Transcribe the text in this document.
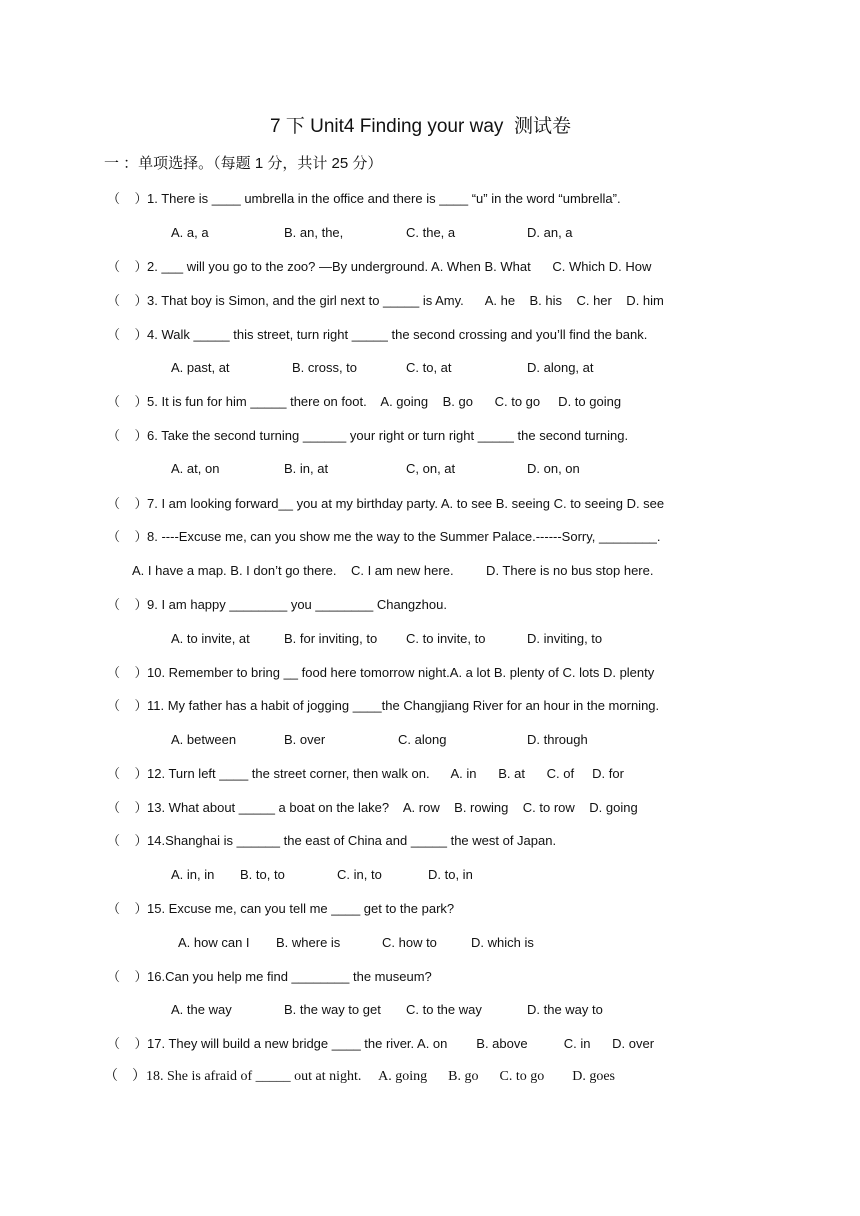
7 下 Unit4 Finding your way  测试卷
一 ：单项选择。（每题 1 分，共计 25 分）
（    ） 1. There is ____ umbrella in the office and there is ____ “u” in the word “umbrella”.
A. a, a	B. an, the,	C. the, a	D. an, a
（    ） 2. ___ will you go to the zoo? —By underground. A. When B. What      C. Which D. How
（    ） 3. That boy is Simon, and the girl next to _____ is Amy.      A. he    B. his    C. her    D. him
（    ） 4. Walk _____ this street, turn right _____ the second crossing and you’ll find the bank.
A. past, at	B. cross, to	C. to, at	D. along, at
（    ） 5. It is fun for him _____ there on foot.    A. going    B. go      C. to go     D. to going
（    ） 6. Take the second turning ______ your right or turn right _____ the second turning.
A. at, on	B. in, at	C, on, at	D. on, on
（    ） 7. I am looking forward__ you at my birthday party. A. to see B. seeing C. to seeing D. see
（    ） 8. ----Excuse me, can you show me the way to the Summer Palace.------Sorry, ________.
A. I have a map. B. I don’t go there.    C. I am new here.         D. There is no bus stop here.
（    ） 9. I am happy ________ you ________ Changzhou.
A. to invite, at	B. for inviting, to C. to invite, to	D. inviting, to
（    ） 10. Remember to bring __ food here tomorrow night.A. a lot B. plenty of C. lots D. plenty
（    ） 11. My father has a habit of jogging ____the Changjiang River for an hour in the morning.
A. between	B. over	C. along	D. through
（    ） 12. Turn left ____ the street corner, then walk on.      A. in      B. at      C. of     D. for
（    ） 13. What about _____ a boat on the lake?    A. row    B. rowing    C. to row    D. going
（    ） 14.Shanghai is ______ the east of China and _____ the west of Japan.
A. in, in B. to, to	C. in, to	D. to, in
（    ） 15. Excuse me, can you tell me ____ get to the park?
A. how can I B. where is	C. how to	D. which is
（    ） 16.Can you help me find ________ the museum?
A. the way	B. the way to get C. to the way	D. the way to
（    ） 17. They will build a new bridge ____ the river. A. on        B. above          C. in      D. over
（    ） 18. She is afraid of _____ out at night.     A. going      B. go      C. to go        D. goes
